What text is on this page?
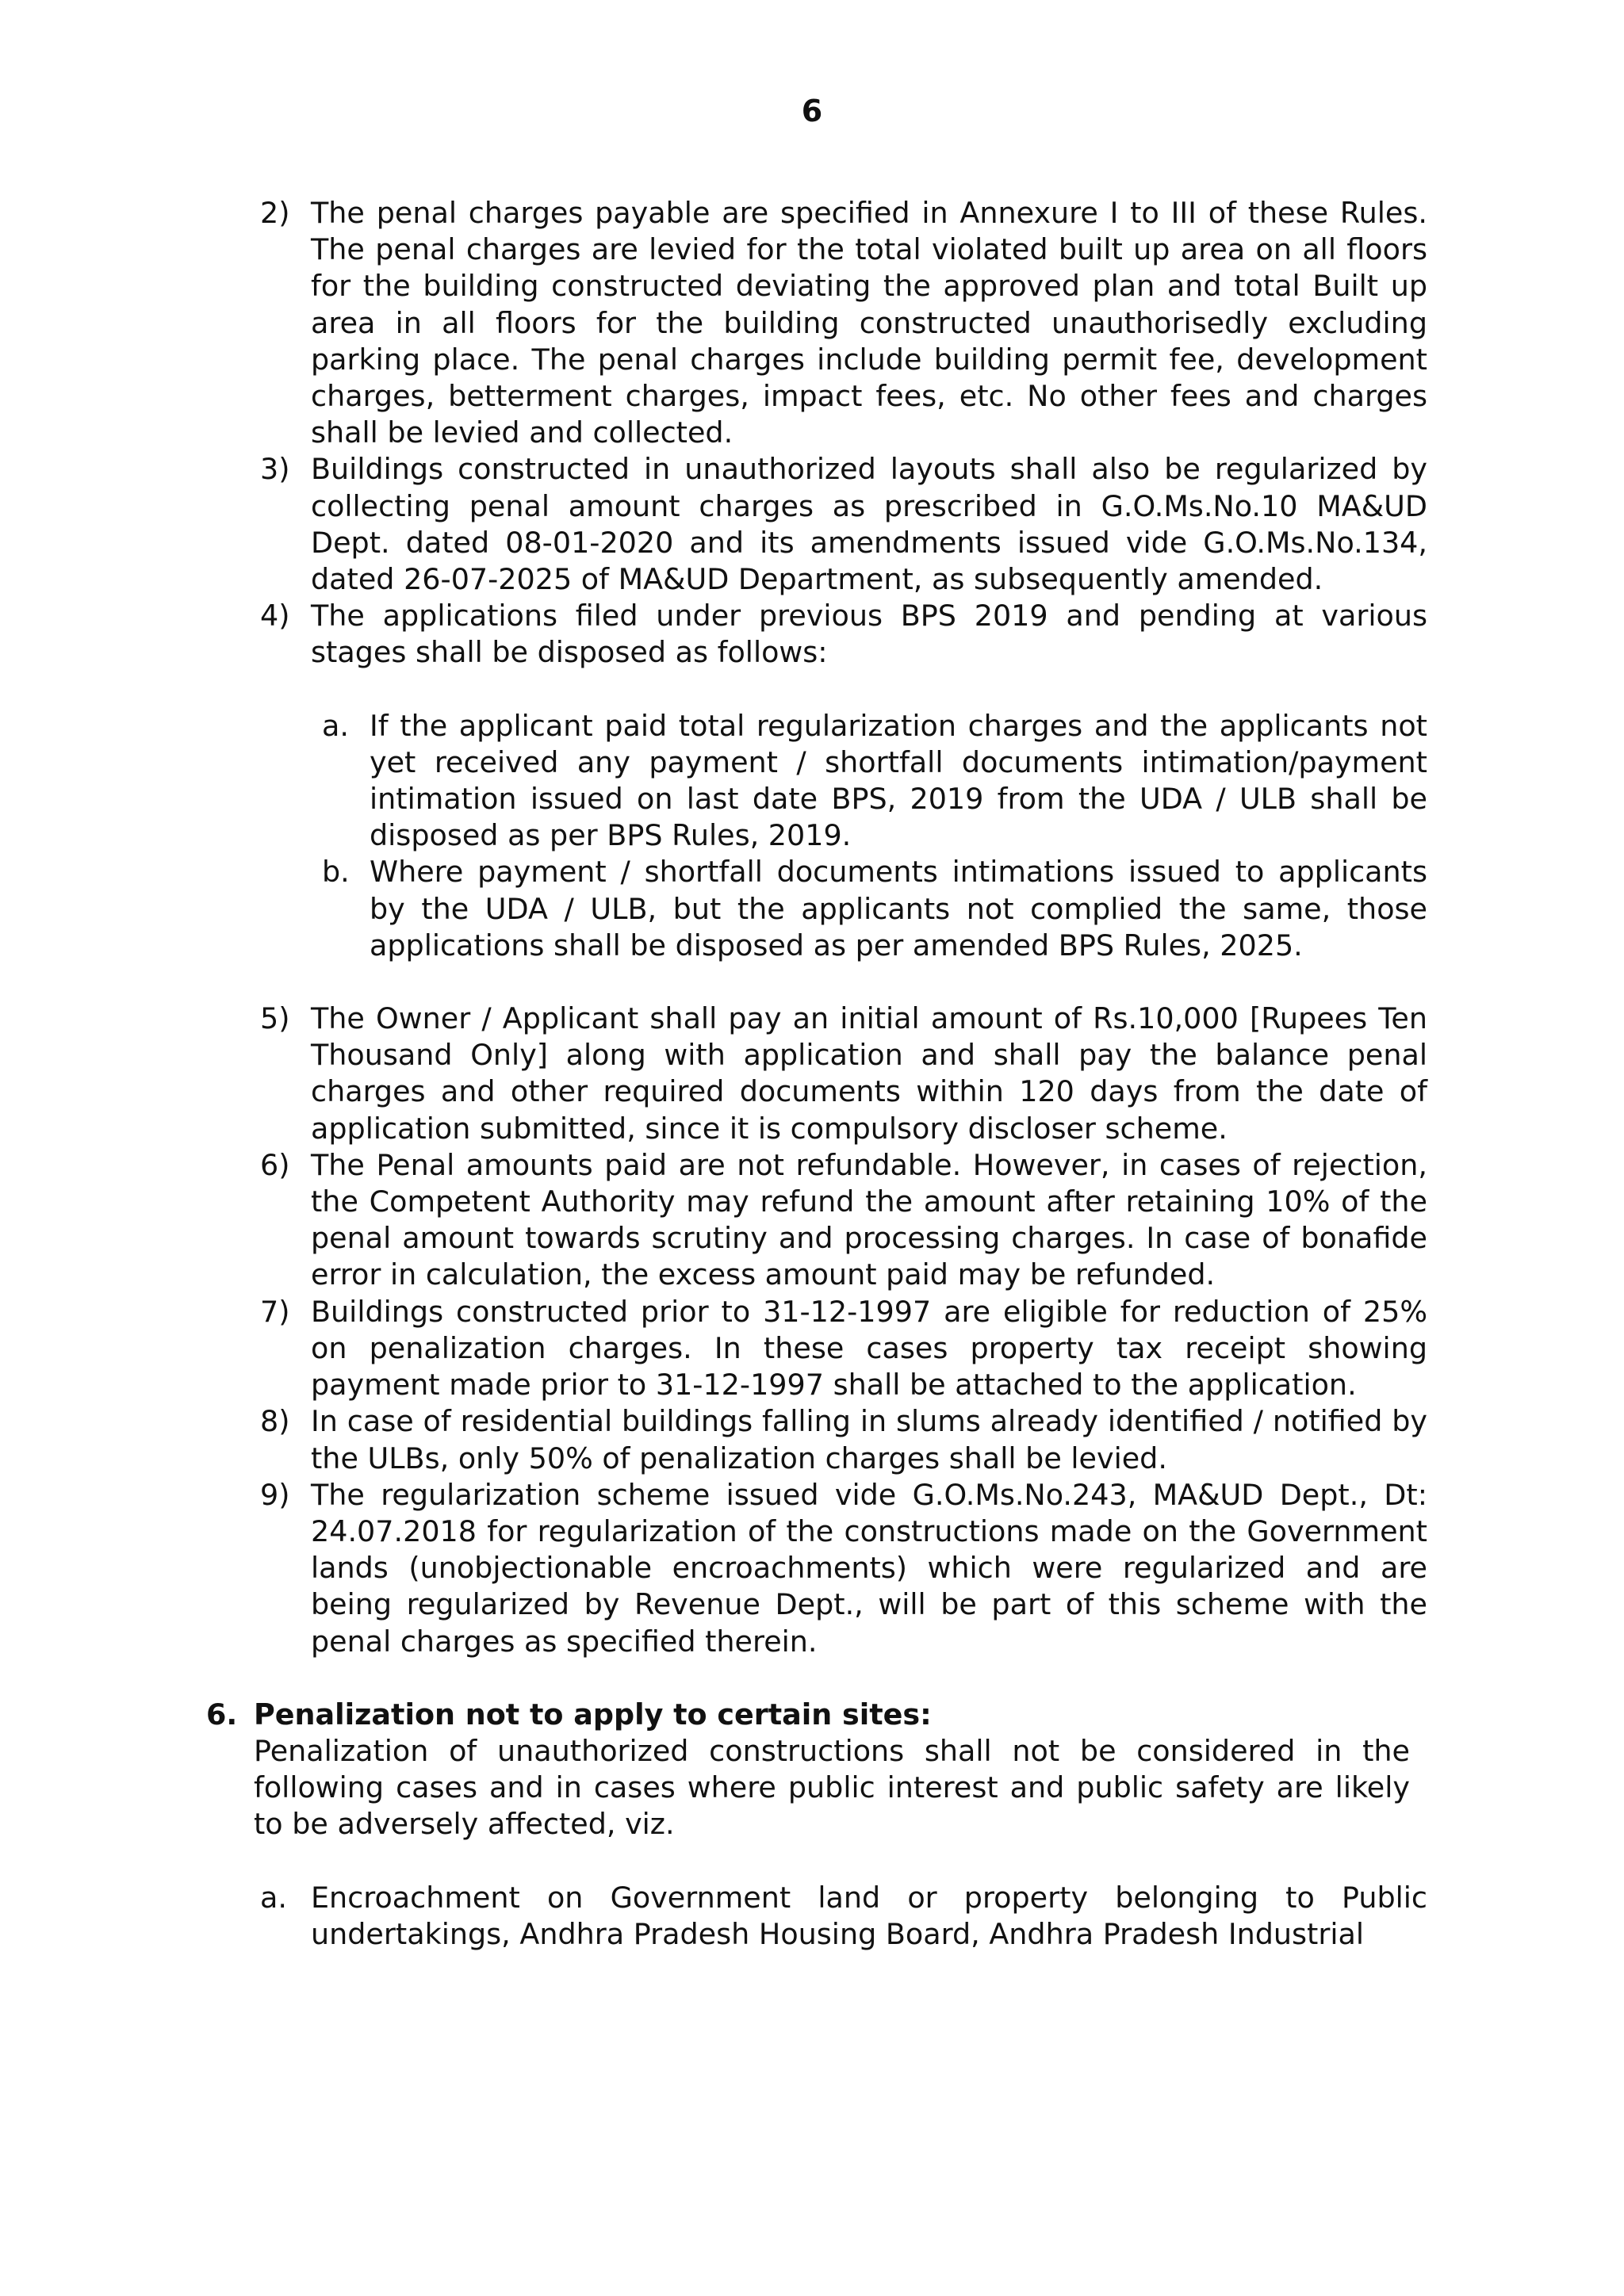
6
2) The penal charges payable are specified in Annexure I to III of these Rules. The penal charges are levied for the total violated built up area on all floors for the building constructed deviating the approved plan and total Built up area in all floors for the building constructed unauthorisedly excluding parking place. The penal charges include building permit fee, development charges, betterment charges, impact fees, etc. No other fees and charges shall be levied and collected.
3) Buildings constructed in unauthorized layouts shall also be regularized by collecting penal amount charges as prescribed in G.O.Ms.No.10 MA&UD Dept. dated 08-01-2020 and its amendments issued vide G.O.Ms.No.134, dated 26-07-2025 of MA&UD Department, as subsequently amended.
4) The applications filed under previous BPS 2019 and pending at various stages shall be disposed as follows:
a. If the applicant paid total regularization charges and the applicants not yet received any payment / shortfall documents intimation/payment intimation issued on last date BPS, 2019 from the UDA / ULB shall be disposed as per BPS Rules, 2019.
b. Where payment / shortfall documents intimations issued to applicants by the UDA / ULB, but the applicants not complied the same, those applications shall be disposed as per amended BPS Rules, 2025.
5) The Owner / Applicant shall pay an initial amount of Rs.10,000 [Rupees Ten Thousand Only] along with application and shall pay the balance penal charges and other required documents within 120 days from the date of application submitted, since it is compulsory discloser scheme.
6) The Penal amounts paid are not refundable. However, in cases of rejection, the Competent Authority may refund the amount after retaining 10% of the penal amount towards scrutiny and processing charges. In case of bonafide error in calculation, the excess amount paid may be refunded.
7) Buildings constructed prior to 31-12-1997 are eligible for reduction of 25% on penalization charges. In these cases property tax receipt showing payment made prior to 31-12-1997 shall be attached to the application.
8) In case of residential buildings falling in slums already identified / notified by the ULBs, only 50% of penalization charges shall be levied.
9) The regularization scheme issued vide G.O.Ms.No.243, MA&UD Dept., Dt: 24.07.2018 for regularization of the constructions made on the Government lands (unobjectionable encroachments) which were regularized and are being regularized by Revenue Dept., will be part of this scheme with the penal charges as specified therein.
6. Penalization not to apply to certain sites:
Penalization of unauthorized constructions shall not be considered in the following cases and in cases where public interest and public safety are likely to be adversely affected, viz.
a. Encroachment on Government land or property belonging to Public undertakings, Andhra Pradesh Housing Board, Andhra Pradesh Industrial
